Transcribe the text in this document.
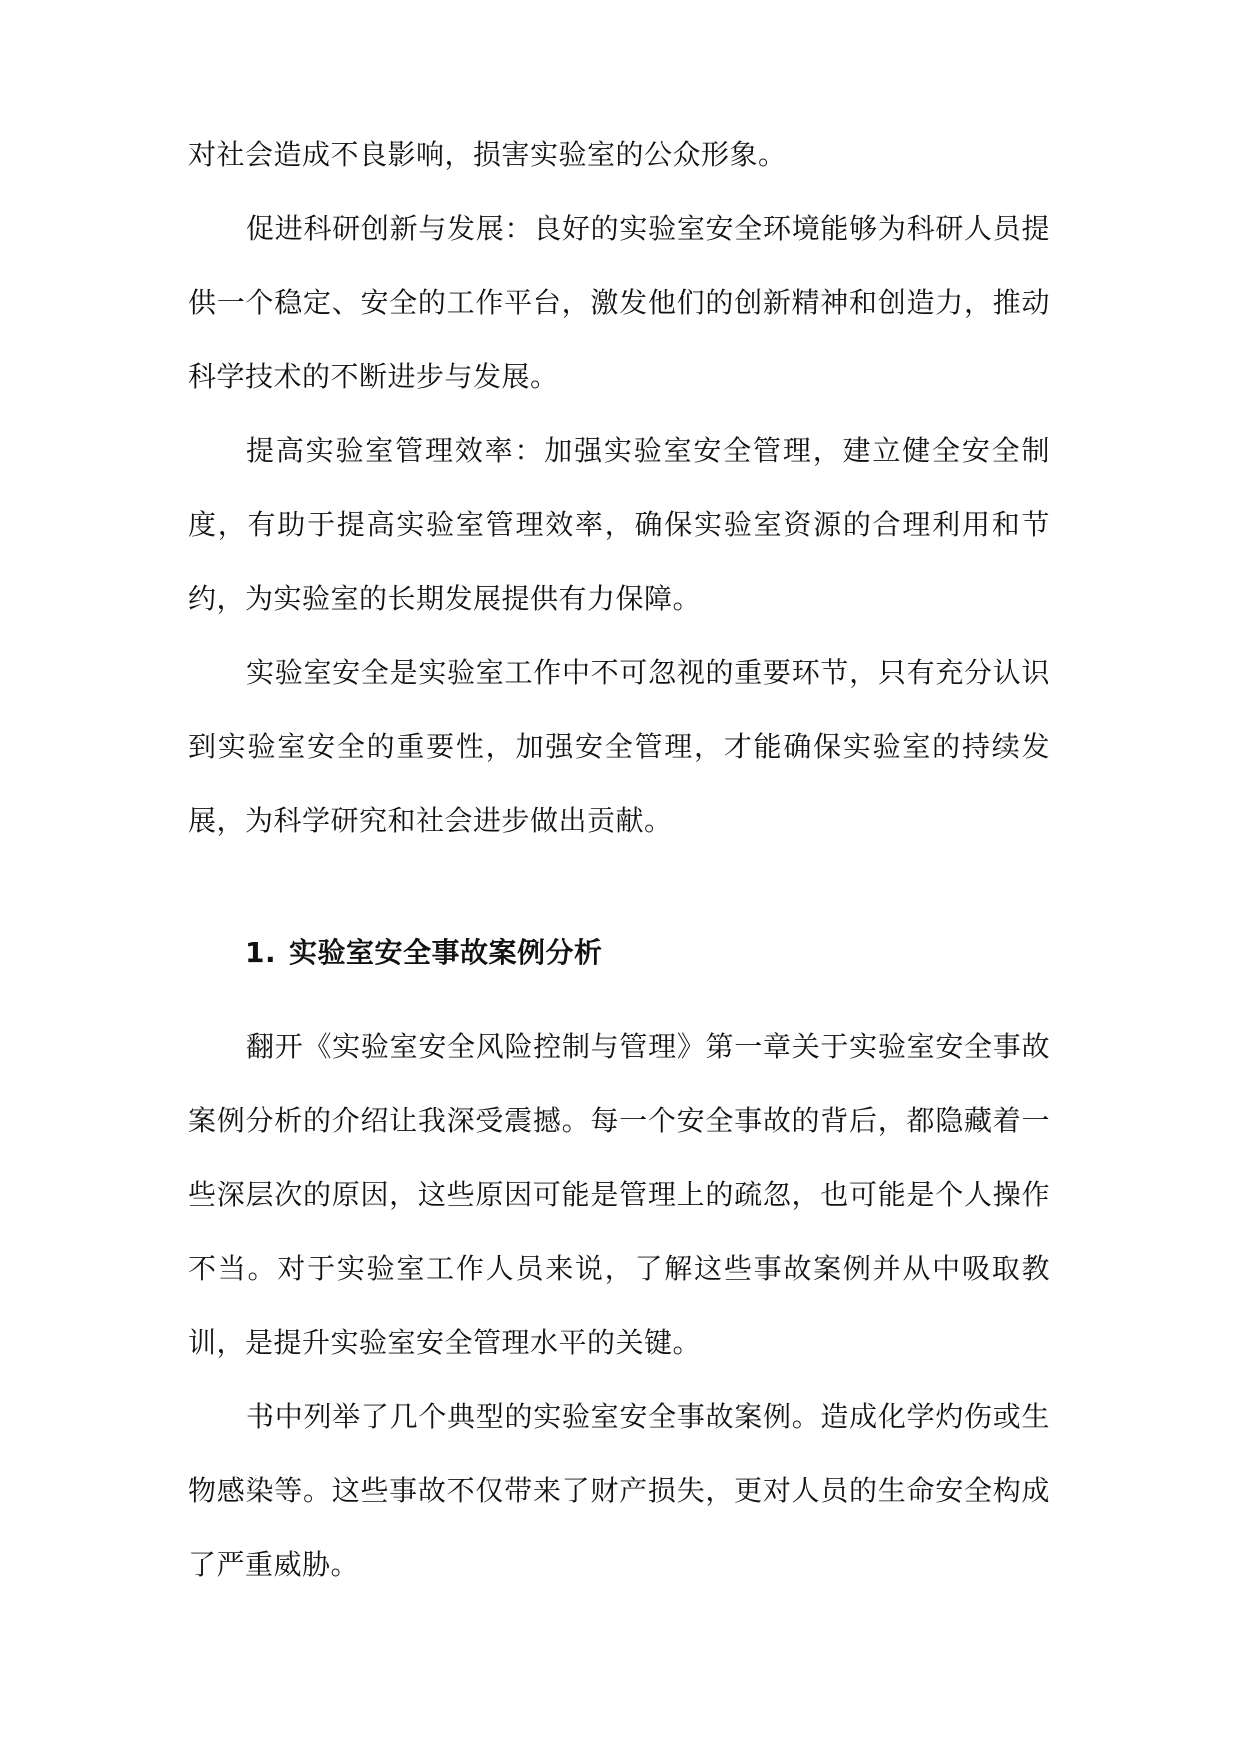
对社会造成不良影响，损害实验室的公众形象。

促进科研创新与发展：良好的实验室安全环境能够为科研人员提供一个稳定、安全的工作平台，激发他们的创新精神和创造力，推动科学技术的不断进步与发展。

提高实验室管理效率：加强实验室安全管理，建立健全安全制度，有助于提高实验室管理效率，确保实验室资源的合理利用和节约，为实验室的长期发展提供有力保障。

实验室安全是实验室工作中不可忽视的重要环节，只有充分认识到实验室安全的重要性，加强安全管理，才能确保实验室的持续发展，为科学研究和社会进步做出贡献。

1. 实验室安全事故案例分析

翻开《实验室安全风险控制与管理》第一章关于实验室安全事故案例分析的介绍让我深受震撼。每一个安全事故的背后，都隐藏着一些深层次的原因，这些原因可能是管理上的疏忽，也可能是个人操作不当。对于实验室工作人员来说，了解这些事故案例并从中吸取教训，是提升实验室安全管理水平的关键。

书中列举了几个典型的实验室安全事故案例。造成化学灼伤或生物感染等。这些事故不仅带来了财产损失，更对人员的生命安全构成了严重威胁。
